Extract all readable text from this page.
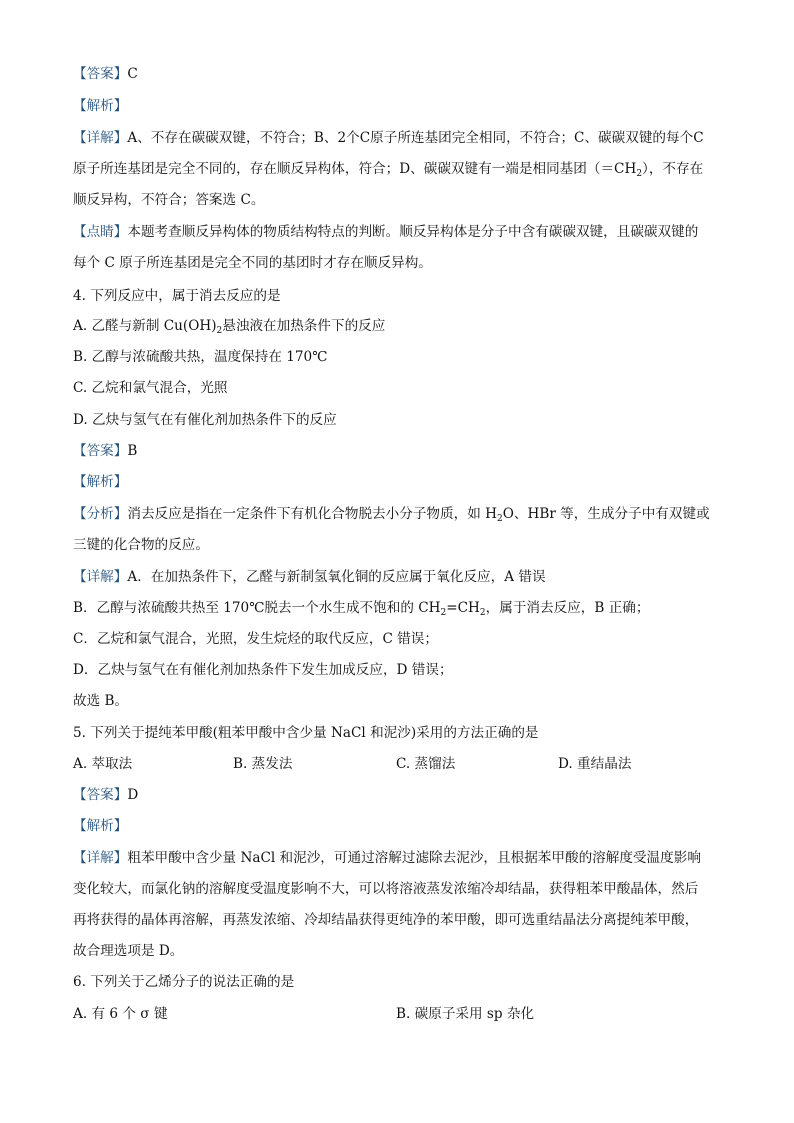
【答案】C
【解析】
【详解】A、不存在碳碳双键，不符合；B、2个C原子所连基团完全相同，不符合；C、碳碳双键的每个C
原子所连基团是完全不同的，存在顺反异构体，符合；D、碳碳双键有一端是相同基团$(=CH_2)$，不存在
顺反异构，不符合；答案选 C。
【点睛】本题考查顺反异构体的物质结构特点的判断。顺反异构体是分子中含有碳碳双键，且碳碳双键的
每个 C 原子所连基团是完全不同的基团时才存在顺反异构。
4. 下列反应中，属于消去反应的是
A. 乙醛与新制 $Cu(OH)_2$悬浊液在加热条件下的反应
B. 乙醇与浓硫酸共热，温度保持在 170℃
C. 乙烷和氯气混合，光照
D. 乙炔与氢气在有催化剂加热条件下的反应
【答案】B
【解析】
【分析】消去反应是指在一定条件下有机化合物脱去小分子物质，如 $H_2O$、HBr 等，生成分子中有双键或
三键的化合物的反应。
【详解】A．在加热条件下，乙醛与新制氢氧化铜的反应属于氧化反应，A 错误
B．乙醇与浓硫酸共热至 170℃脱去一个水生成不饱和的 $CH_2=CH_2$，属于消去反应，B 正确；
C．乙烷和氯气混合，光照，发生烷烃的取代反应，C 错误；
D．乙炔与氢气在有催化剂加热条件下发生加成反应，D 错误；
故选 B。
5. 下列关于提纯苯甲酸(粗苯甲酸中含少量 NaCl 和泥沙)采用的方法正确的是
A. 萃取法	B. 蒸发法	C. 蒸馏法	D. 重结晶法
【答案】D
【解析】
【详解】粗苯甲酸中含少量 NaCl 和泥沙，可通过溶解过滤除去泥沙，且根据苯甲酸的溶解度受温度影响
变化较大，而氯化钠的溶解度受温度影响不大，可以将溶液蒸发浓缩冷却结晶，获得粗苯甲酸晶体，然后
再将获得的晶体再溶解，再蒸发浓缩、冷却结晶获得更纯净的苯甲酸，即可选重结晶法分离提纯苯甲酸，
故合理选项是 D。
6. 下列关于乙烯分子的说法正确的是
A. 有 6 个 σ 键	B. 碳原子采用 sp 杂化
